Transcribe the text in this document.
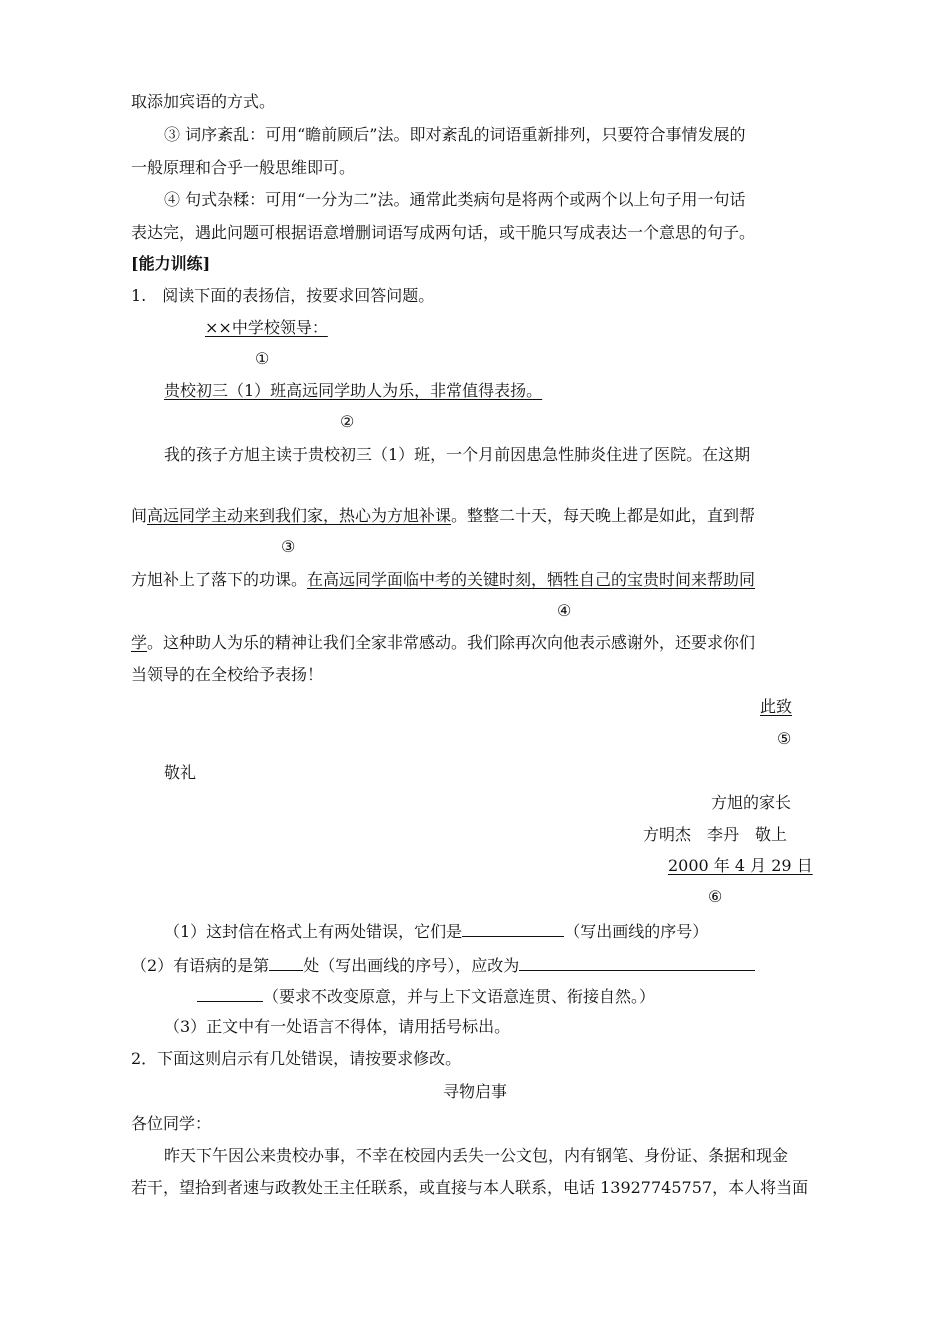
取添加宾语的方式。
③ 词序紊乱：可用“瞻前顾后”法。即对紊乱的词语重新排列，只要符合事情发展的
一般原理和合乎一般思维即可。
④ 句式杂糅：可用“一分为二”法。通常此类病句是将两个或两个以上句子用一句话
表达完，遇此问题可根据语意增删词语写成两句话，或干脆只写成表达一个意思的句子。
[能力训练]
1.　阅读下面的表扬信，按要求回答问题。
××中学校领导：
①
贵校初三（1）班高远同学助人为乐，非常值得表扬。
②
我的孩子方旭主读于贵校初三（1）班，一个月前因患急性肺炎住进了医院。在这期
间高远同学主动来到我们家，热心为方旭补课。整整二十天，每天晚上都是如此，直到帮
③
方旭补上了落下的功课。在高远同学面临中考的关键时刻，牺牲自己的宝贵时间来帮助同
④
学。这种助人为乐的精神让我们全家非常感动。我们除再次向他表示感谢外，还要求你们
当领导的在全校给予表扬！
此致
⑤
敬礼
方旭的家长
方明杰　李丹　敬上
2000 年 4 月 29 日
⑥
（1）这封信在格式上有两处错误，它们是	（写出画线的序号）
（2）有语病的是第 处（写出画线的序号），应改为
（要求不改变原意，并与上下文语意连贯、衔接自然。）
（3）正文中有一处语言不得体，请用括号标出。
2．下面这则启示有几处错误，请按要求修改。
寻物启事
各位同学：
昨天下午因公来贵校办事，不幸在校园内丢失一公文包，内有钢笔、身份证、条据和现金
若干，望拾到者速与政教处王主任联系，或直接与本人联系，电话 13927745757，本人将当面
